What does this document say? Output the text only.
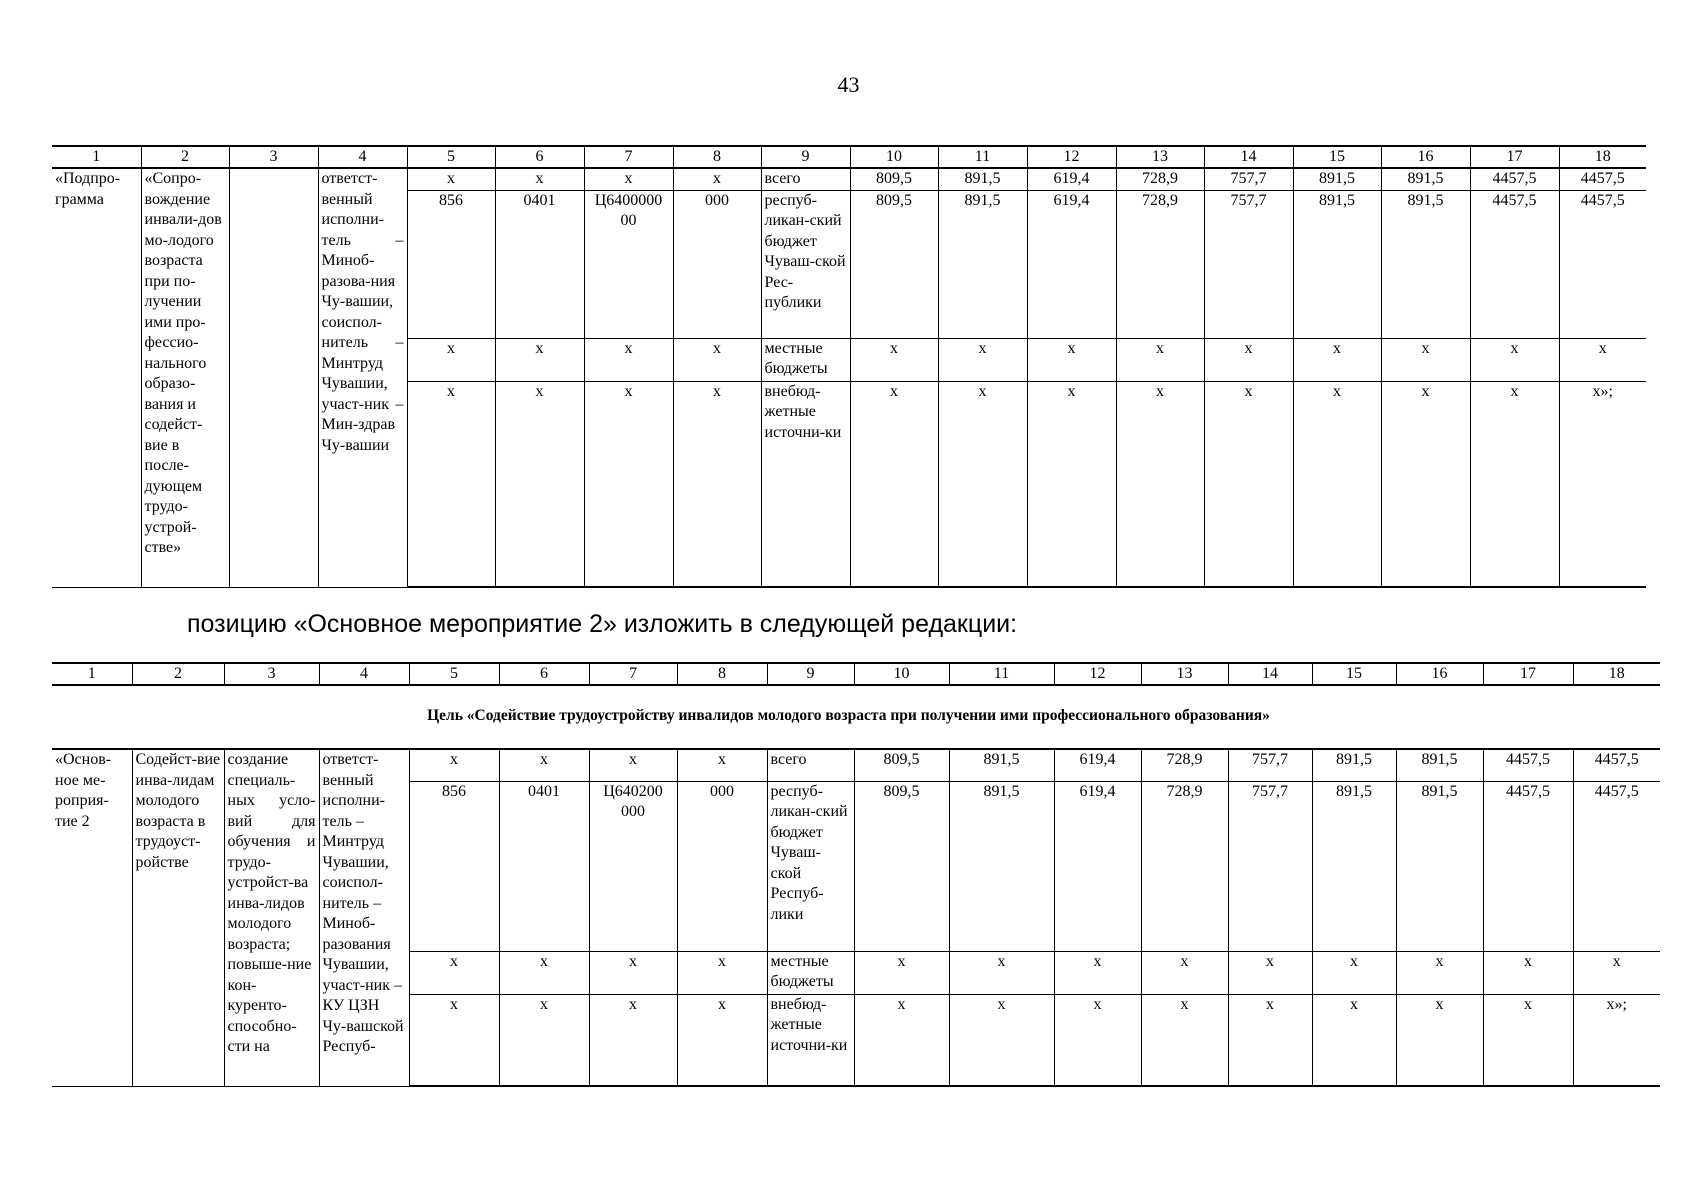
43
1	2	3	4	5	6	7	8	9	10	11	12	13	14	15	16	17	18
«Подпро-грамма	«Сопро-вождение инвали-дов мо-лодого возраста при по-лучении ими про-фессио-нального образо-вания и содейст-вие в после-дующем трудо-устрой-стве»		ответст-венный исполни-тель – Миноб-разова-ния Чу-вашии, соиспол-нитель – Минтруд Чувашии, участ-ник – Мин-здрав Чу-вашии	x	x	x	x	всего	809,5	891,5	619,4	728,9	757,7	891,5	891,5	4457,5	4457,5
				856	0401	Ц6400000 00	000	респуб-ликан-ский бюджет Чуваш-ской Рес-публики	809,5	891,5	619,4	728,9	757,7	891,5	891,5	4457,5	4457,5
				x	x	x	x	местные бюджеты	x	x	x	x	x	x	x	x	x
				x	x	x	x	внебюд-жетные источни-ки	x	x	x	x	x	x	x	x	x»;
позицию «Основное мероприятие 2» изложить в следующей редакции:
1	2	3	4	5	6	7	8	9	10	11	12	13	14	15	16	17	18
Цель «Содействие трудоустройству инвалидов молодого возраста при получении ими профессионального образования»
«Основ-ное ме-роприя-тие 2	Содейст-вие инва-лидам молодого возраста в трудоуст-ройстве	создание специаль-ных усло-вий для обучения и трудо-устройст-ва инва-лидов молодого возраста; повыше-ние кон-куренто-способно-сти на	ответст-венный исполни-тель – Минтруд Чувашии, соиспол-нитель – Миноб-разования Чувашии, участ-ник – КУ ЦЗН Чу-вашской Респуб-	x	x	x	x	всего	809,5	891,5	619,4	728,9	757,7	891,5	891,5	4457,5	4457,5
				856	0401	Ц640200 000	000	респуб-ликан-ский бюджет Чуваш-ской Респуб-лики	809,5	891,5	619,4	728,9	757,7	891,5	891,5	4457,5	4457,5
				x	x	x	x	местные бюджеты	x	x	x	x	x	x	x	x	x
				x	x	x	x	внебюд-жетные источни-ки	x	x	x	x	x	x	x	x	x»;
